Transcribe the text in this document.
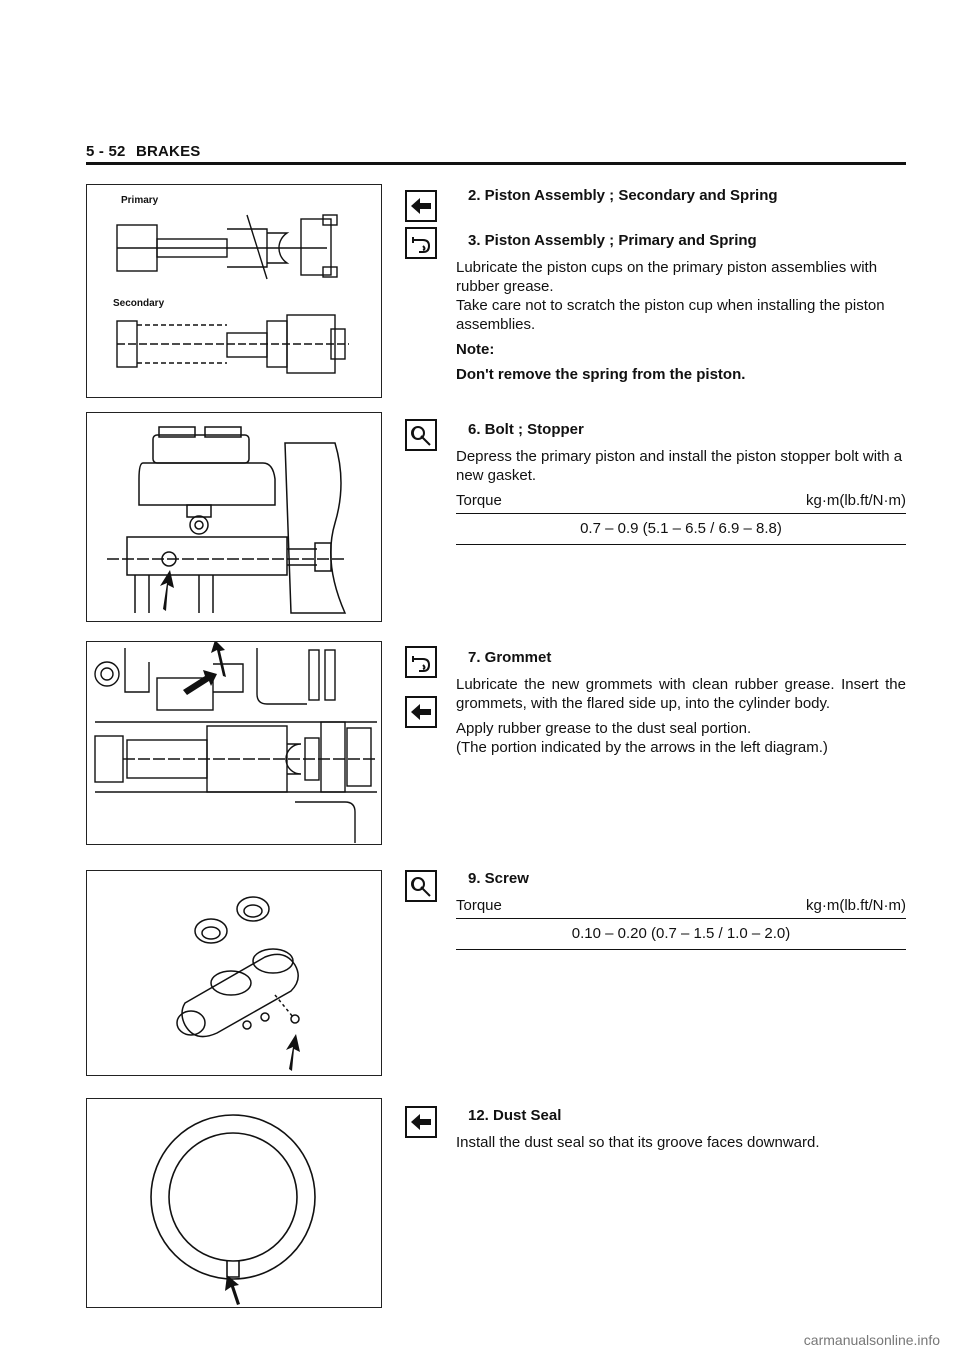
5 - 52 BRAKES
Primary
Secondary
2. Piston Assembly ; Secondary and Spring
3. Piston Assembly ; Primary and Spring

Lubricate the piston cups on the primary piston assemblies with rubber grease.

Take care not to scratch the piston cup when installing the piston assemblies.

Note:
Don't remove the spring from the piston.
6. Bolt ; Stopper

Depress the primary piston and install the piston stopper bolt with a new gasket.

Torque	kg·m(lb.ft/N·m)
0.7 – 0.9 (5.1 – 6.5 / 6.9 – 8.8)
7. Grommet

Lubricate the new grommets with clean rubber grease. Insert the grommets, with the flared side up, into the cylinder body.

Apply rubber grease to the dust seal portion.

(The portion indicated by the arrows in the left diagram.)

9. Screw
Torque	kg·m(lb.ft/N·m)
0.10 – 0.20 (0.7 – 1.5 / 1.0 – 2.0)
12. Dust Seal

Install the dust seal so that its groove faces downward.

carmanualsonline.info
